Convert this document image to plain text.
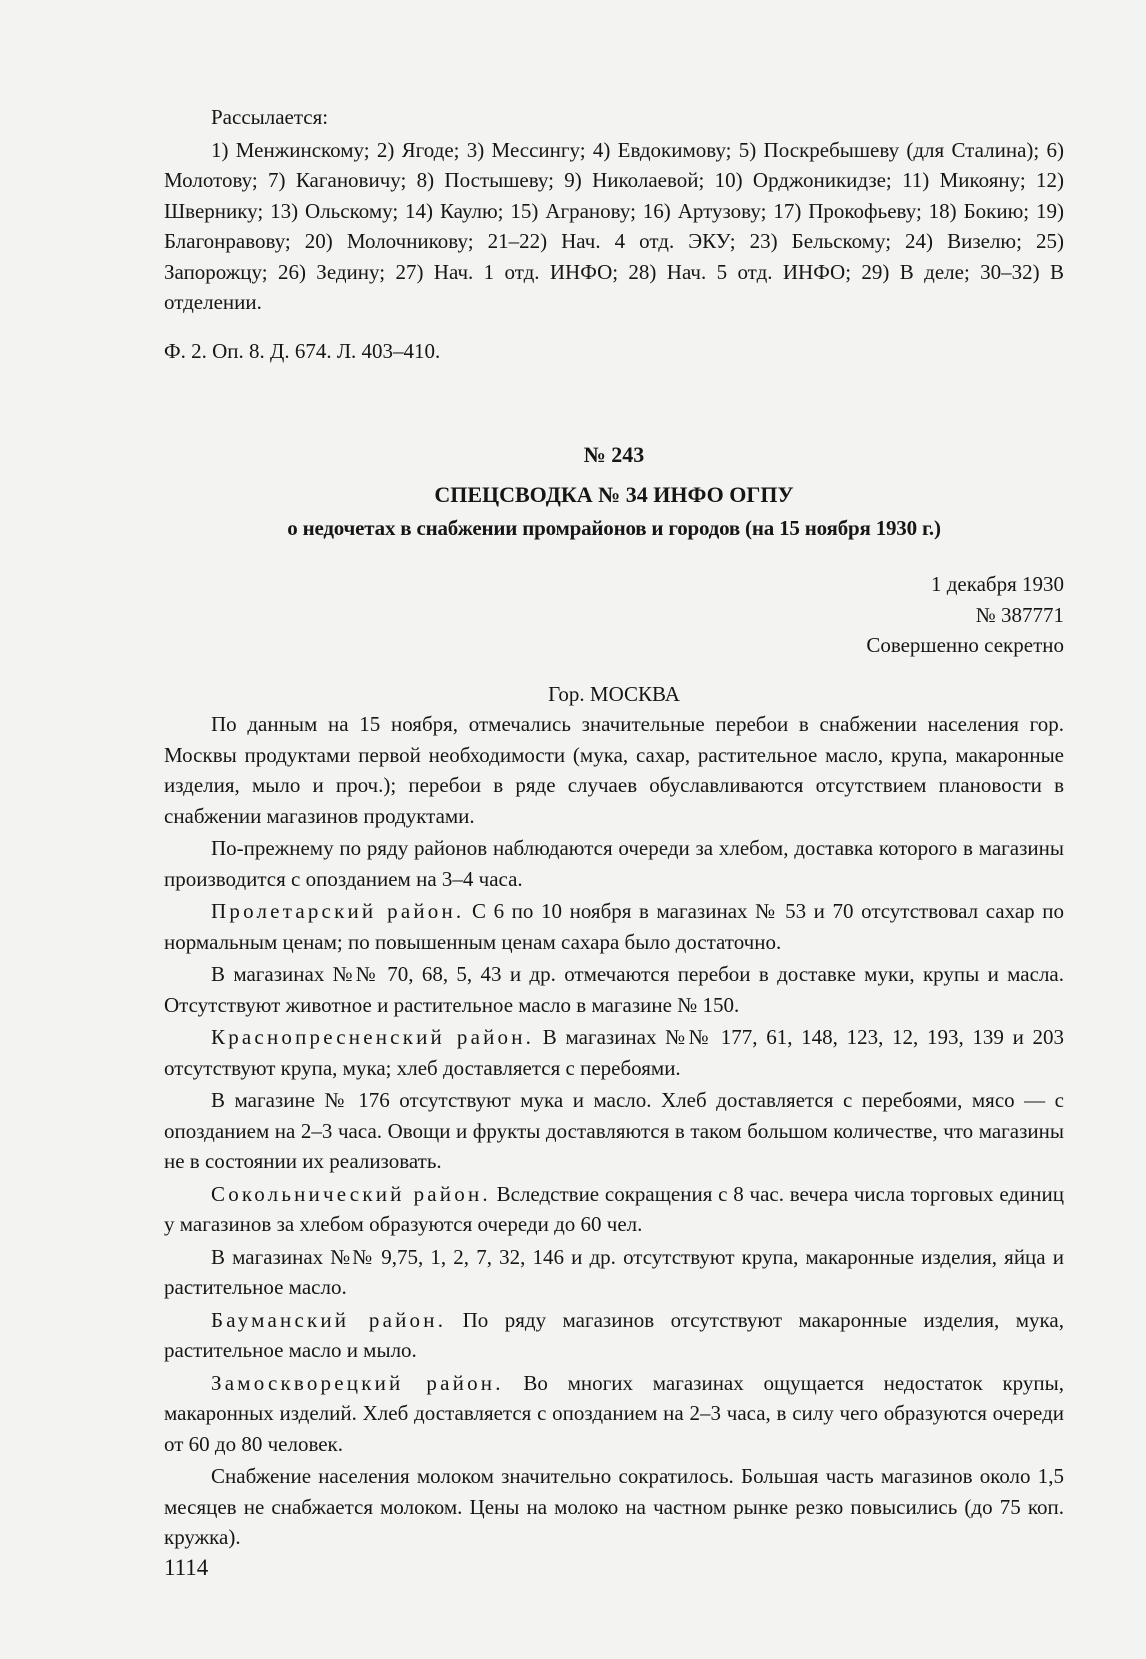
Рассылается:

1) Менжинскому; 2) Ягоде; 3) Мессингу; 4) Евдокимову; 5) Поскребышеву (для Сталина); 6) Молотову; 7) Кагановичу; 8) Постышеву; 9) Николаевой; 10) Орджоникидзе; 11) Микояну; 12) Швернику; 13) Ольскому; 14) Каулю; 15) Агранову; 16) Артузову; 17) Прокофьеву; 18) Бокию; 19) Благонравову; 20) Молочникову; 21–22) Нач. 4 отд. ЭКУ; 23) Бельскому; 24) Визелю; 25) Запорожцу; 26) Зедину; 27) Нач. 1 отд. ИНФО; 28) Нач. 5 отд. ИНФО; 29) В деле; 30–32) В отделении.

Ф. 2. Оп. 8. Д. 674. Л. 403–410.

№ 243

СПЕЦСВОДКА № 34 ИНФО ОГПУ

о недочетах в снабжении промрайонов и городов (на 15 ноября 1930 г.)

1 декабря 1930

№ 387771

Совершенно секретно

Гор. МОСКВА

По данным на 15 ноября, отмечались значительные перебои в снабжении населения гор. Москвы продуктами первой необходимости (мука, сахар, растительное масло, крупа, макаронные изделия, мыло и проч.); перебои в ряде случаев обуславливаются отсутствием плановости в снабжении магазинов продуктами.

По-прежнему по ряду районов наблюдаются очереди за хлебом, доставка которого в магазины производится с опозданием на 3–4 часа.

Пролетарский район. С 6 по 10 ноября в магазинах № 53 и 70 отсутствовал сахар по нормальным ценам; по повышенным ценам сахара было достаточно.

В магазинах №№ 70, 68, 5, 43 и др. отмечаются перебои в доставке муки, крупы и масла. Отсутствуют животное и растительное масло в магазине № 150.

Краснопресненский район. В магазинах №№ 177, 61, 148, 123, 12, 193, 139 и 203 отсутствуют крупа, мука; хлеб доставляется с перебоями.

В магазине № 176 отсутствуют мука и масло. Хлеб доставляется с перебоями, мясо — с опозданием на 2–3 часа. Овощи и фрукты доставляются в таком большом количестве, что магазины не в состоянии их реализовать.

Сокольнический район. Вследствие сокращения с 8 час. вечера числа торговых единиц у магазинов за хлебом образуются очереди до 60 чел.

В магазинах №№ 9,75, 1, 2, 7, 32, 146 и др. отсутствуют крупа, макаронные изделия, яйца и растительное масло.

Бауманский район. По ряду магазинов отсутствуют макаронные изделия, мука, растительное масло и мыло.

Замоскворецкий район. Во многих магазинах ощущается недостаток крупы, макаронных изделий. Хлеб доставляется с опозданием на 2–3 часа, в силу чего образуются очереди от 60 до 80 человек.

Снабжение населения молоком значительно сократилось. Большая часть магазинов около 1,5 месяцев не снабжается молоком. Цены на молоко на частном рынке резко повысились (до 75 коп. кружка).

1114
